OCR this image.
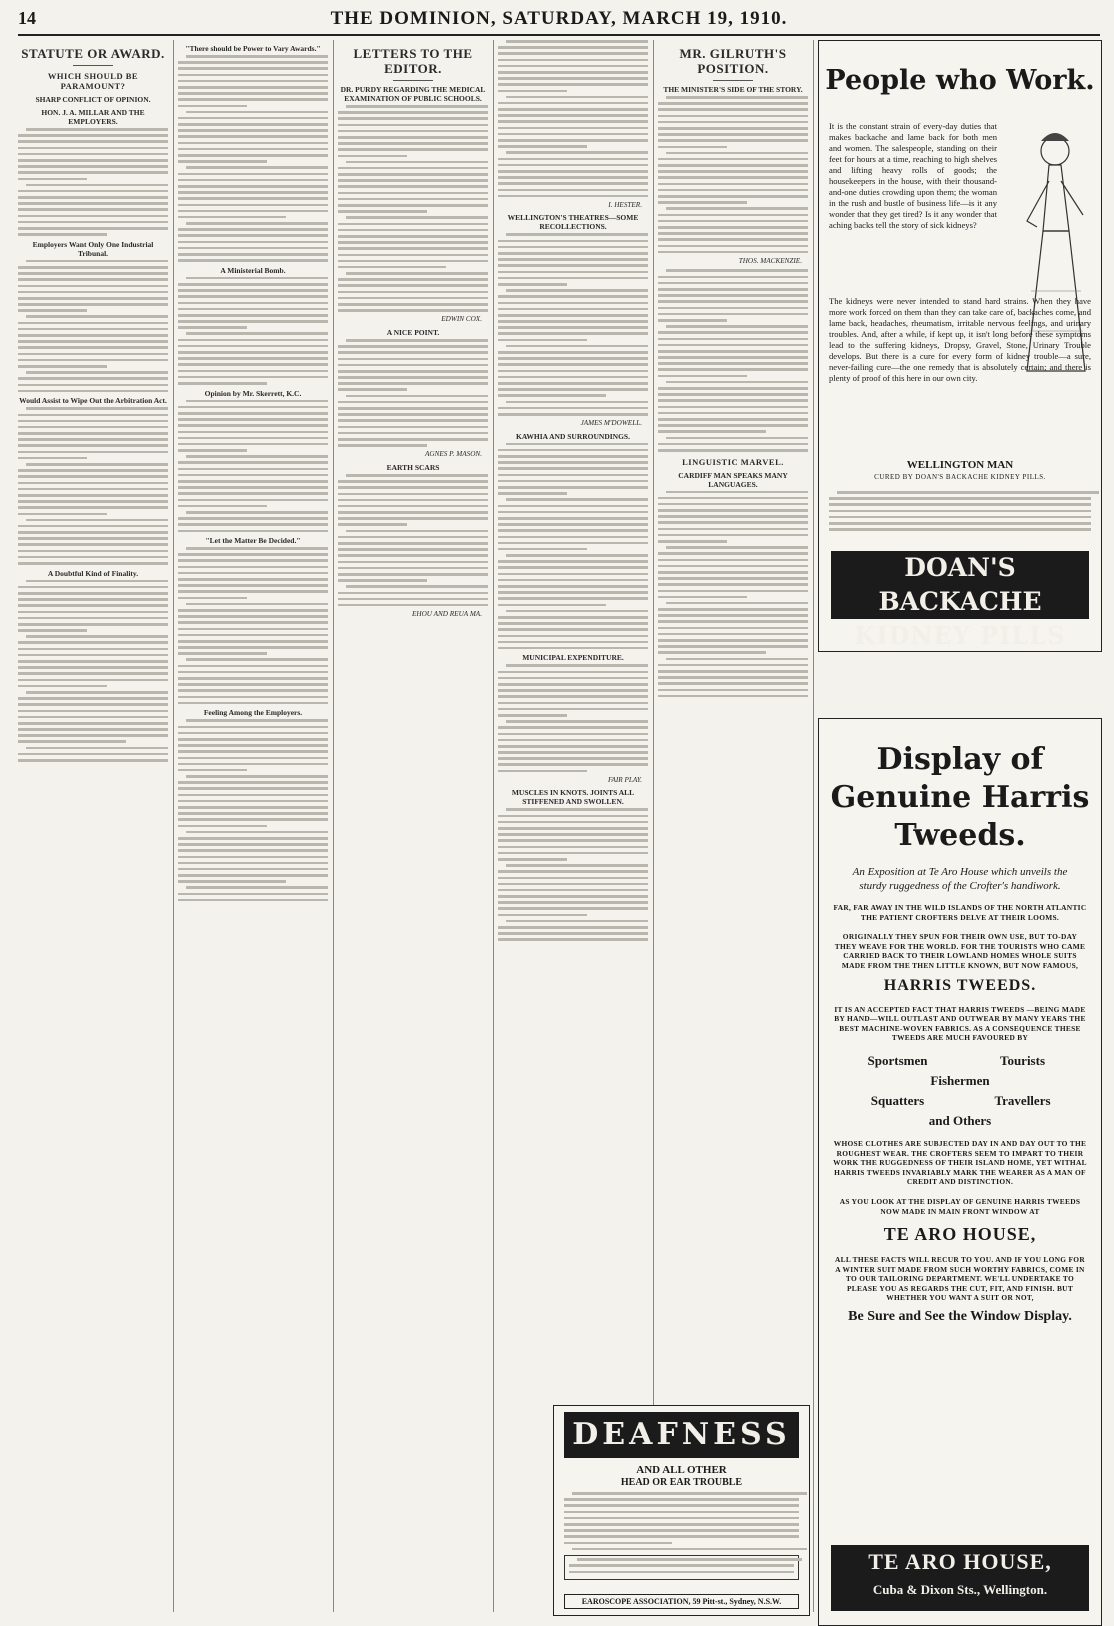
14	THE DOMINION, SATURDAY, MARCH 19, 1910.
STATUTE OR AWARD.
WHICH SHOULD BE PARAMOUNT?
SHARP CONFLICT OF OPINION.
HON. J. A. MILLAR AND THE EMPLOYERS.
Employers Want Only One Industrial Tribunal.
Would Assist to Wipe Out the Arbitration Act.
A Doubtful Kind of Finality.
"There should be Power to Vary Awards."
A Ministerial Bomb.
Opinion by Mr. Skerrett, K.C.
"Let the Matter Be Decided."
Feeling Among the Employers.
LETTERS TO THE EDITOR.
DR. PURDY REGARDING THE MEDICAL EXAMINATION OF PUBLIC SCHOOLS.
EDWIN COX.
A NICE POINT.
AGNES P. MASON.
EARTH SCARS
EHOU AND REUA MA.
I. HESTER.
WELLINGTON'S THEATRES—SOME RECOLLECTIONS.
JAMES M'DOWELL.
KAWHIA AND SURROUNDINGS.
MUNICIPAL EXPENDITURE.
FAIR PLAY.
MUSCLES IN KNOTS. JOINTS ALL STIFFENED AND SWOLLEN.
MR. GILRUTH'S POSITION.
THE MINISTER'S SIDE OF THE STORY.
THOS. MACKENZIE.
LINGUISTIC MARVEL.
CARDIFF MAN SPEAKS MANY LANGUAGES.
People who Work.
It is the constant strain of every-day duties that makes backache and lame back for both men and women. The salespeople, standing on their feet for hours at a time, reaching to high shelves and lifting heavy rolls of goods; the housekeepers in the house, with their thousand-and-one duties crowding upon them; the woman in the rush and bustle of business life—is it any wonder that they get tired? Is it any wonder that aching backs tell the story of sick kidneys?
The kidneys were never intended to stand hard strains. When they have more work forced on them than they can take care of, backaches come, and lame back, headaches, rheumatism, irritable nervous feelings, and urinary troubles. And, after a while, if kept up, it isn't long before these symptoms lead to the suffering kidneys, Dropsy, Gravel, Stone, Urinary Trouble develops. But there is a cure for every form of kidney trouble—a sure, never-failing cure—the one remedy that is absolutely certain; and there is plenty of proof of this here in our own city.
WELLINGTON MAN
CURED BY DOAN'S BACKACHE KIDNEY PILLS.
DOAN'S BACKACHE
KIDNEY PILLS
Display of
Genuine Harris
Tweeds.
An Exposition at Te Aro House which unveils the sturdy ruggedness of the Crofter's handiwork.
FAR, FAR AWAY IN THE WILD ISLANDS OF THE NORTH ATLANTIC THE PATIENT CROFTERS DELVE AT THEIR LOOMS.
ORIGINALLY THEY SPUN FOR THEIR OWN USE, BUT TO-DAY THEY WEAVE FOR THE WORLD. FOR THE TOURISTS WHO CAME CARRIED BACK TO THEIR LOWLAND HOMES WHOLE SUITS MADE FROM THE THEN LITTLE KNOWN, BUT NOW FAMOUS,
HARRIS TWEEDS.
IT IS AN ACCEPTED FACT THAT HARRIS TWEEDS —BEING MADE BY HAND—WILL OUTLAST AND OUTWEAR BY MANY YEARS THE BEST MACHINE-WOVEN FABRICS. AS A CONSEQUENCE THESE TWEEDS ARE MUCH FAVOURED BY
Sportsmen	Tourists
Fishermen
Squatters	Travellers
and Others
WHOSE CLOTHES ARE SUBJECTED DAY IN AND DAY OUT TO THE ROUGHEST WEAR. THE CROFTERS SEEM TO IMPART TO THEIR WORK THE RUGGEDNESS OF THEIR ISLAND HOME, YET WITHAL HARRIS TWEEDS INVARIABLY MARK THE WEARER AS A MAN OF CREDIT AND DISTINCTION.
AS YOU LOOK AT THE DISPLAY OF GENUINE HARRIS TWEEDS NOW MADE IN MAIN FRONT WINDOW AT
TE ARO HOUSE,
ALL THESE FACTS WILL RECUR TO YOU. AND IF YOU LONG FOR A WINTER SUIT MADE FROM SUCH WORTHY FABRICS, COME IN TO OUR TAILORING DEPARTMENT. WE'LL UNDERTAKE TO PLEASE YOU AS REGARDS THE CUT, FIT, AND FINISH. BUT WHETHER YOU WANT A SUIT OR NOT,
Be Sure and See the Window Display.
TE ARO HOUSE,
Cuba & Dixon Sts., Wellington.
DEAFNESS
AND ALL OTHER
HEAD OR EAR TROUBLE
EAROSCOPE ASSOCIATION, 59 Pitt-st., Sydney, N.S.W.
